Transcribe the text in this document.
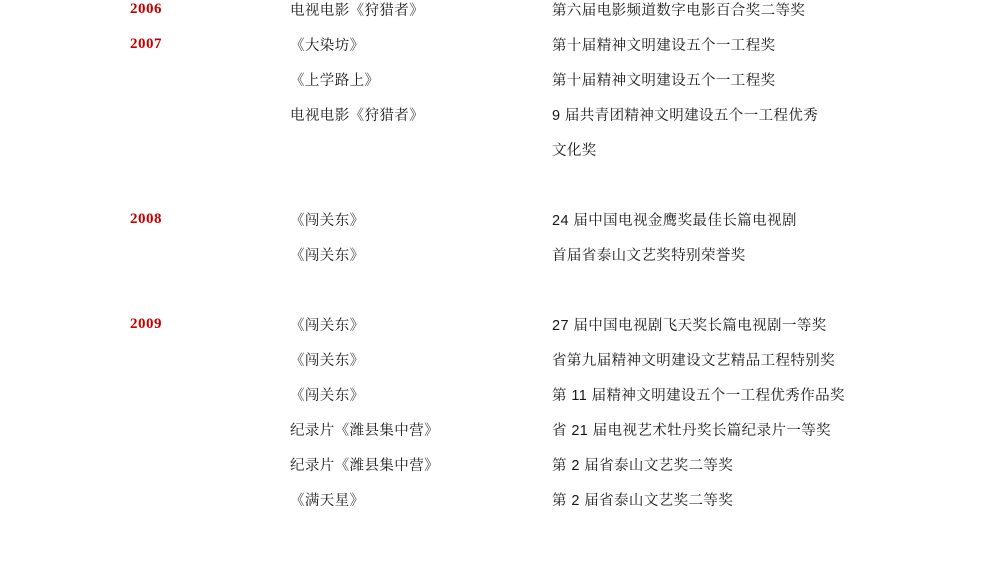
2006	电视电影《狩猎者》	第六届电影频道数字电影百合奖二等奖
2007	《大染坊》	第十届精神文明建设五个一工程奖
	《上学路上》	第十届精神文明建设五个一工程奖
	电视电影《狩猎者》	9 届共青团精神文明建设五个一工程优秀
		文化奖

2008	《闯关东》	24 届中国电视金鹰奖最佳长篇电视剧
	《闯关东》	首届省泰山文艺奖特别荣誉奖

2009	《闯关东》	27 届中国电视剧飞天奖长篇电视剧一等奖
	《闯关东》	省第九届精神文明建设文艺精品工程特别奖
	《闯关东》	第 11 届精神文明建设五个一工程优秀作品奖
	纪录片《潍县集中营》	省 21 届电视艺术牡丹奖长篇纪录片一等奖
	纪录片《潍县集中营》	第 2 届省泰山文艺奖二等奖
	《满天星》	第 2 届省泰山文艺奖二等奖
